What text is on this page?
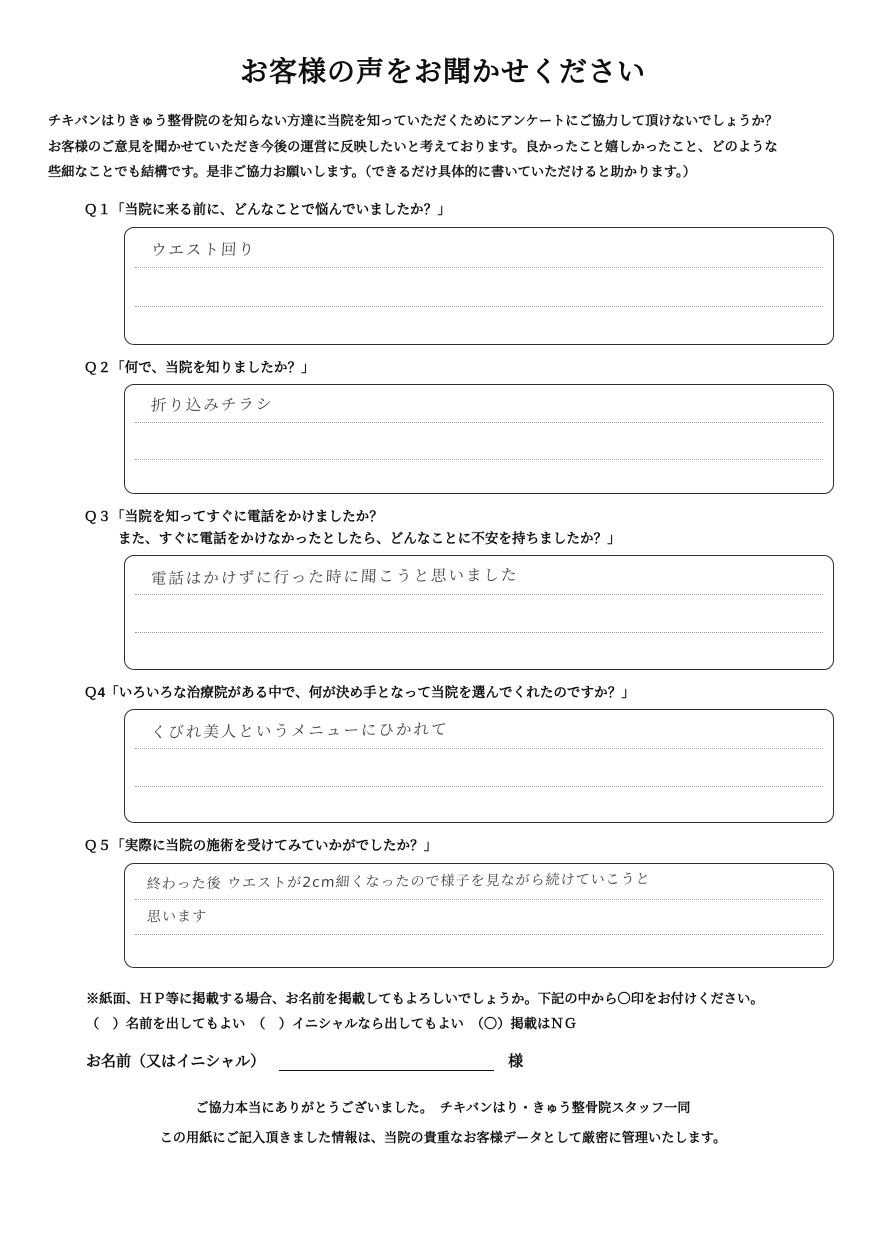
お客様の声をお聞かせください

チキバンはりきゅう整骨院のを知らない方達に当院を知っていただくためにアンケートにご協力して頂けないでしょうか？

お客様のご意見を聞かせていただき今後の運営に反映したいと考えております。良かったこと嬉しかったこと、どのような

些細なことでも結構です。是非ご協力お願いします。（できるだけ具体的に書いていただけると助かります。）

Ｑ１「当院に来る前に、どんなことで悩んでいましたか？」
ウエスト回り
Ｑ２「何で、当院を知りましたか？」
折り込みチラシ
Ｑ３「当院を知ってすぐに電話をかけましたか？
また、すぐに電話をかけなかったとしたら、どんなことに不安を持ちましたか？」
電話はかけずに行った時に聞こうと思いました
Ｑ4「いろいろな治療院がある中で、何が決め手となって当院を選んでくれたのですか？」
くびれ美人というメニューにひかれて
Ｑ５「実際に当院の施術を受けてみていかがでしたか？」
終わった後 ウエストが2cm細くなったので様子を見ながら続けていこうと
思います
※紙面、ＨＰ等に掲載する場合、お名前を掲載してもよろしいでしょうか。下記の中から〇印をお付けください。
（　）名前を出してもよい　（　）イニシャルなら出してもよい　（〇）掲載はＮＧ
お名前（又はイニシャル）	様
ご協力本当にありがとうございました。　チキバンはり・きゅう整骨院スタッフ一同
この用紙にご記入頂きました情報は、当院の貴重なお客様データとして厳密に管理いたします。
